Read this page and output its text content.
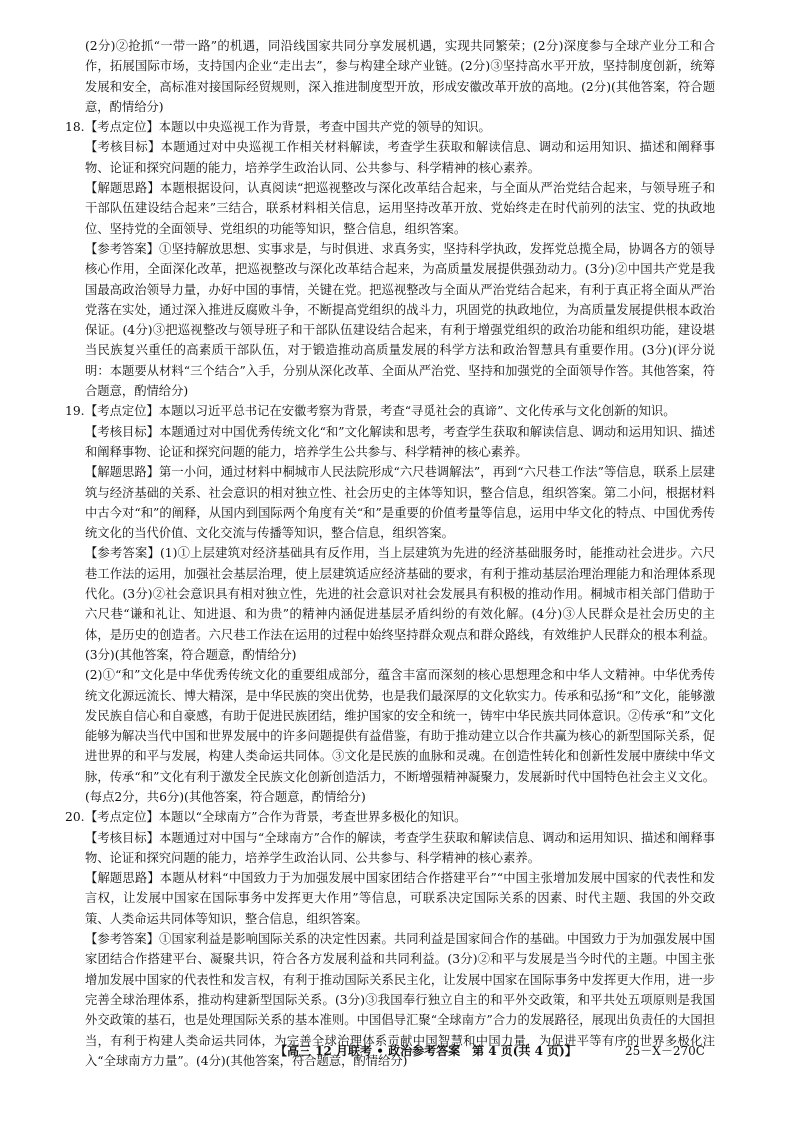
(2分)②抢抓“一带一路”的机遇，同沿线国家共同分享发展机遇，实现共同繁荣；(2分)深度参与全球产业分工和合作，拓展国际市场，支持国内企业“走出去”，参与构建全球产业链。(2分)③坚持高水平开放，坚持制度创新，统筹发展和安全，高标准对接国际经贸规则，深入推进制度型开放，形成安徽改革开放的高地。(2分)(其他答案，符合题意，酌情给分)

18. 【考点定位】本题以中央巡视工作为背景，考查中国共产党的领导的知识。

【考核目标】本题通过对中央巡视工作相关材料解读，考查学生获取和解读信息、调动和运用知识、描述和阐释事物、论证和探究问题的能力，培养学生政治认同、公共参与、科学精神的核心素养。

【解题思路】本题根据设问，认真阅读“把巡视整改与深化改革结合起来，与全面从严治党结合起来，与领导班子和干部队伍建设结合起来”三结合，联系材料相关信息，运用坚持改革开放、党始终走在时代前列的法宝、党的执政地位、坚持党的全面领导、党组织的功能等知识，整合信息，组织答案。

【参考答案】①坚持解放思想、实事求是，与时俱进、求真务实，坚持科学执政，发挥党总揽全局，协调各方的领导核心作用，全面深化改革，把巡视整改与深化改革结合起来，为高质量发展提供强劲动力。(3分)②中国共产党是我国最高政治领导力量，办好中国的事情，关键在党。把巡视整改与全面从严治党结合起来，有利于真正将全面从严治党落在实处，通过深入推进反腐败斗争，不断提高党组织的战斗力，巩固党的执政地位，为高质量发展提供根本政治保证。(4分)③把巡视整改与领导班子和干部队伍建设结合起来，有利于增强党组织的政治功能和组织功能，建设堪当民族复兴重任的高素质干部队伍，对于锻造推动高质量发展的科学方法和政治智慧具有重要作用。(3分)(评分说明：本题要从材料“三个结合”入手，分别从深化改革、全面从严治党、坚持和加强党的全面领导作答。其他答案，符合题意，酌情给分)

19. 【考点定位】本题以习近平总书记在安徽考察为背景，考查“寻觅社会的真谛”、文化传承与文化创新的知识。

【考核目标】本题通过对中国优秀传统文化“和”文化解读和思考，考查学生获取和解读信息、调动和运用知识、描述和阐释事物、论证和探究问题的能力，培养学生公共参与、科学精神的核心素养。

【解题思路】第一小问，通过材料中桐城市人民法院形成“六尺巷调解法”，再到“六尺巷工作法”等信息，联系上层建筑与经济基础的关系、社会意识的相对独立性、社会历史的主体等知识，整合信息，组织答案。第二小问，根据材料中古今对“和”的阐释，从国内到国际两个角度有关“和”是重要的价值考量等信息，运用中华文化的特点、中国优秀传统文化的当代价值、文化交流与传播等知识，整合信息，组织答案。

【参考答案】(1)①上层建筑对经济基础具有反作用，当上层建筑为先进的经济基础服务时，能推动社会进步。六尺巷工作法的运用，加强社会基层治理，使上层建筑适应经济基础的要求，有利于推动基层治理治理能力和治理体系现代化。(3分)②社会意识具有相对独立性，先进的社会意识对社会发展具有积极的推动作用。桐城市相关部门借助于六尺巷“谦和礼让、知进退、和为贵”的精神内涵促进基层矛盾纠纷的有效化解。(4分)③人民群众是社会历史的主体，是历史的创造者。六尺巷工作法在运用的过程中始终坚持群众观点和群众路线，有效维护人民群众的根本利益。(3分)(其他答案，符合题意，酌情给分)

(2)①“和”文化是中华优秀传统文化的重要组成部分，蕴含丰富而深刻的核心思想理念和中华人文精神。中华优秀传统文化源远流长、博大精深，是中华民族的突出优势，也是我们最深厚的文化软实力。传承和弘扬“和”文化，能够激发民族自信心和自豪感，有助于促进民族团结，维护国家的安全和统一，铸牢中华民族共同体意识。②传承“和”文化能够为解决当代中国和世界发展中的许多问题提供有益借鉴，有助于推动建立以合作共赢为核心的新型国际关系，促进世界的和平与发展，构建人类命运共同体。③文化是民族的血脉和灵魂。在创造性转化和创新性发展中赓续中华文脉，传承“和”文化有利于激发全民族文化创新创造活力，不断增强精神凝聚力，发展新时代中国特色社会主义文化。(每点2分，共6分)(其他答案，符合题意，酌情给分)

20. 【考点定位】本题以“全球南方”合作为背景，考查世界多极化的知识。

【考核目标】本题通过对中国与“全球南方”合作的解读，考查学生获取和解读信息、调动和运用知识、描述和阐释事物、论证和探究问题的能力，培养学生政治认同、公共参与、科学精神的核心素养。

【解题思路】本题从材料“中国致力于为加强发展中国家团结合作搭建平台”“中国主张增加发展中国家的代表性和发言权，让发展中国家在国际事务中发挥更大作用”等信息，可联系决定国际关系的因素、时代主题、我国的外交政策、人类命运共同体等知识，整合信息，组织答案。

【参考答案】①国家利益是影响国际关系的决定性因素。共同利益是国家间合作的基础。中国致力于为加强发展中国家团结合作搭建平台、凝聚共识，符合各方发展利益和共同利益。(3分)②和平与发展是当今时代的主题。中国主张增加发展中国家的代表性和发言权，有利于推动国际关系民主化，让发展中国家在国际事务中发挥更大作用，进一步完善全球治理体系，推动构建新型国际关系。(3分)③我国奉行独立自主的和平外交政策，和平共处五项原则是我国外交政策的基石，也是处理国际关系的基本准则。中国倡导汇聚“全球南方”合力的发展路径，展现出负责任的大国担当，有利于构建人类命运共同体，为完善全球治理体系贡献中国智慧和中国力量，为促进平等有序的世界多极化注入“全球南方力量”。(4分)(其他答案，符合题意，酌情给分)

【高三 12 月联考 • 政治参考答案　第 4 页(共 4 页)】	25－X－270C
